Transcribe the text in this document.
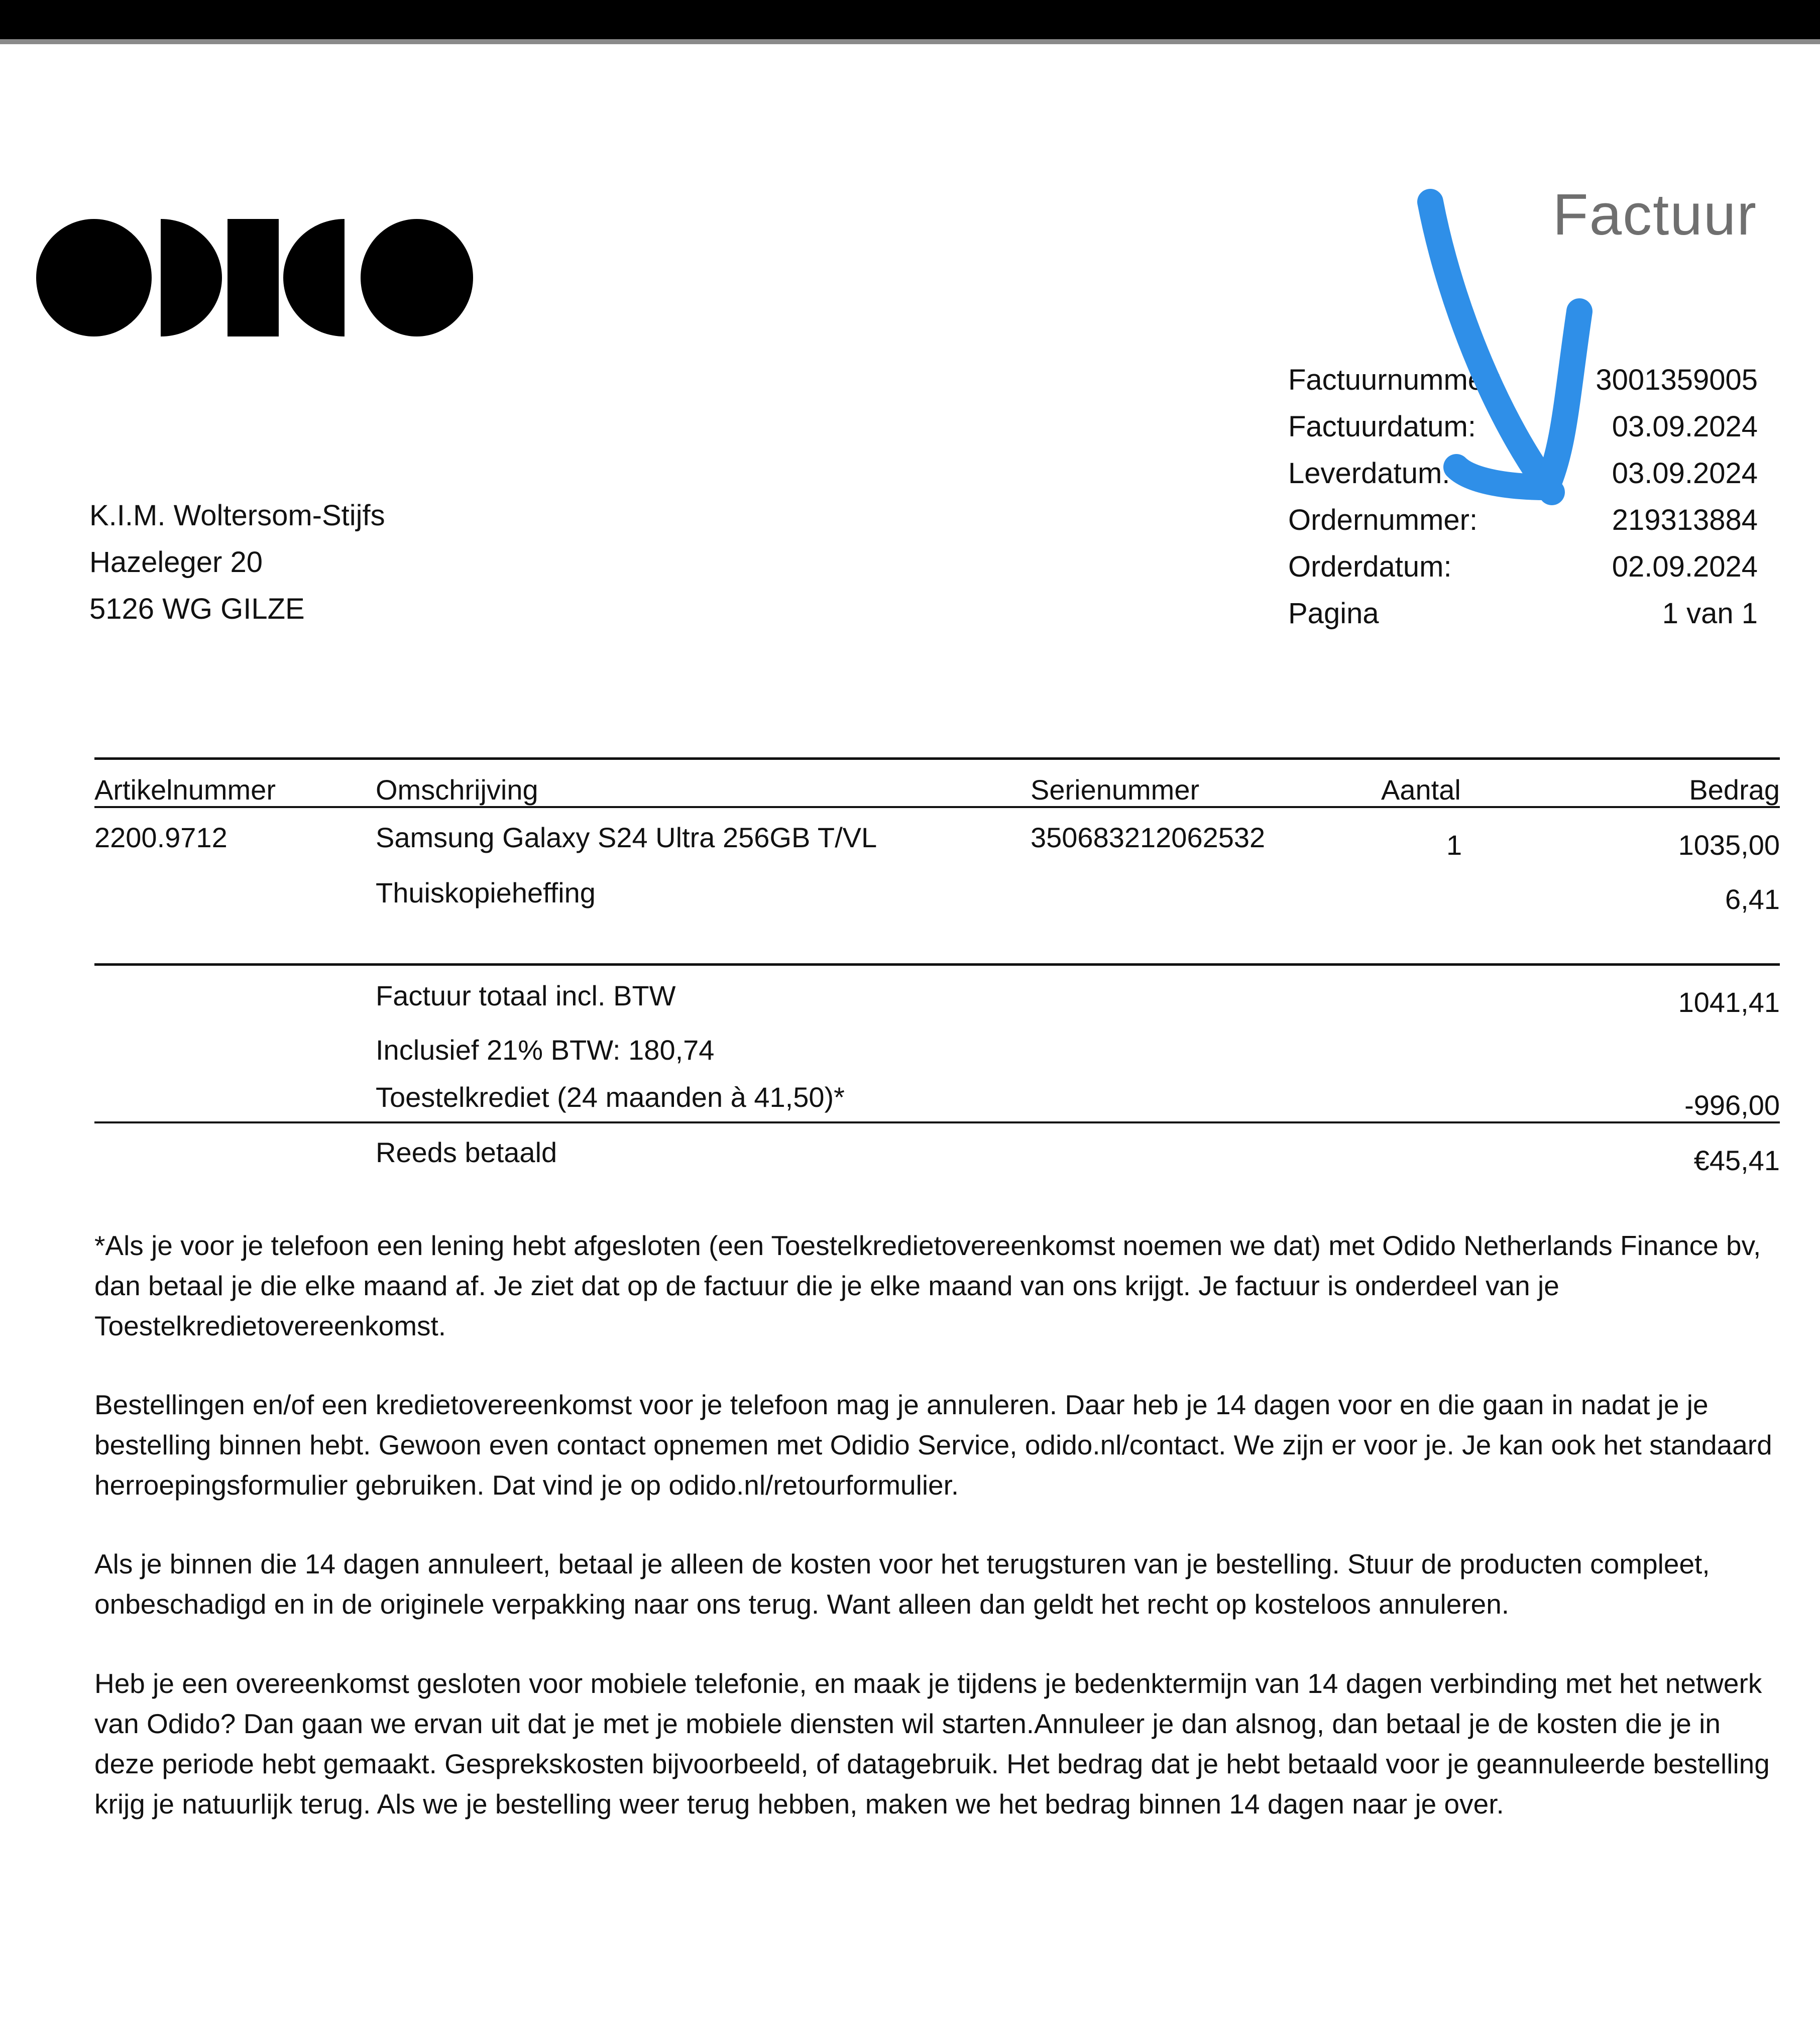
Factuur
Factuurnummer:	3001359005
Factuurdatum:	03.09.2024
Leverdatum:	03.09.2024
Ordernummer:	219313884
Orderdatum:	02.09.2024
Pagina	1 van 1
K.I.M. Woltersom-Stijfs
Hazeleger 20
5126 WG GILZE
Artikelnummer	Omschrijving	Serienummer	Aantal	Bedrag
2200.9712	Samsung Galaxy S24 Ultra 256GB T/VL	350683212062532	1	1035,00
Thuiskopieheffing	6,41
Factuur totaal incl. BTW	1041,41
Inclusief 21% BTW: 180,74
Toestelkrediet (24 maanden à 41,50)*	-996,00
Reeds betaald	€45,41

*Als je voor je telefoon een lening hebt afgesloten (een Toestelkredietovereenkomst noemen we dat) met Odido Netherlands Finance bv, dan betaal je die elke maand af. Je ziet dat op de factuur die je elke maand van ons krijgt. Je factuur is onderdeel van je Toestelkredietovereenkomst.

Bestellingen en/of een kredietovereenkomst voor je telefoon mag je annuleren. Daar heb je 14 dagen voor en die gaan in nadat je je bestelling binnen hebt. Gewoon even contact opnemen met Odidio Service, odido.nl/contact. We zijn er voor je. Je kan ook het standaard herroepingsformulier gebruiken. Dat vind je op odido.nl/retourformulier.

Als je binnen die 14 dagen annuleert, betaal je alleen de kosten voor het terugsturen van je bestelling. Stuur de producten compleet, onbeschadigd en in de originele verpakking naar ons terug. Want alleen dan geldt het recht op kosteloos annuleren.

Heb je een overeenkomst gesloten voor mobiele telefonie, en maak je tijdens je bedenktermijn van 14 dagen verbinding met het netwerk van Odido? Dan gaan we ervan uit dat je met je mobiele diensten wil starten.Annuleer je dan alsnog, dan betaal je de kosten die je in deze periode hebt gemaakt. Gesprekskosten bijvoorbeeld, of datagebruik. Het bedrag dat je hebt betaald voor je geannuleerde bestelling krijg je natuurlijk terug. Als we je bestelling weer terug hebben, maken we het bedrag binnen 14 dagen naar je over.
